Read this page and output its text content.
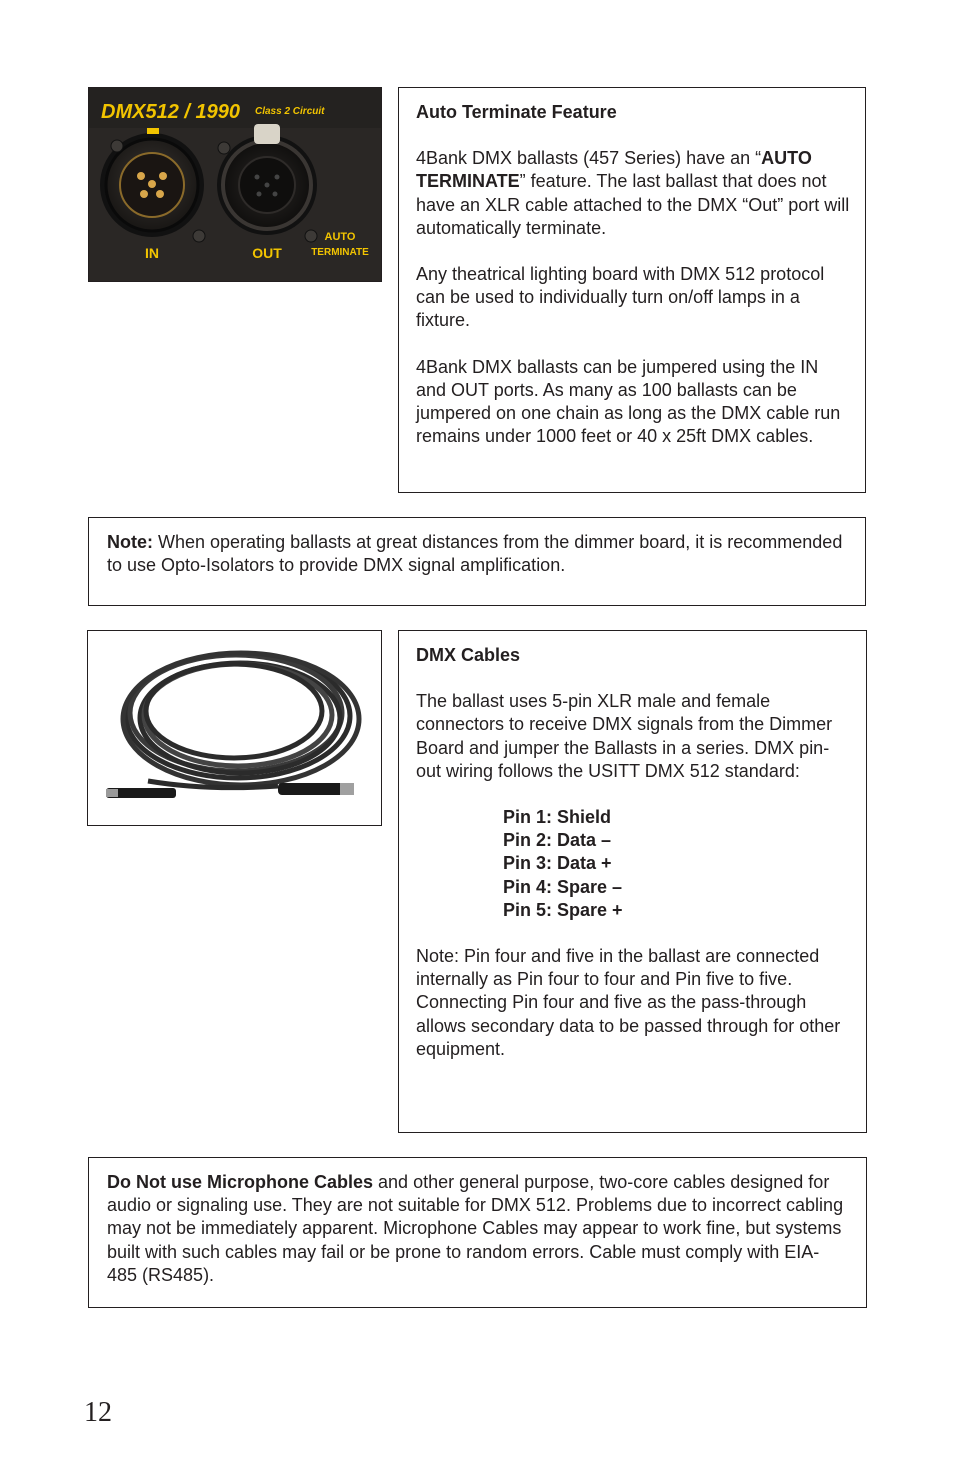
DMX512 / 1990 Class 2 Circuit
IN	OUT
AUTO
TERMINATE

Auto Terminate Feature

4Bank DMX ballasts (457 Series) have an “AUTO TERMINATE” feature. The last ballast that does not have an XLR cable attached to the DMX “Out” port will automatically terminate.

Any theatrical lighting board with DMX 512 protocol can be used to individually turn on/off lamps in a fixture.

4Bank DMX ballasts can be jumpered using the IN and OUT ports. As many as 100 ballasts can be jumpered on one chain as long as the DMX cable run remains under 1000 feet or 40 x 25ft DMX cables.

Note: When operating ballasts at great distances from the dimmer board, it is recommended to use Opto-Isolators to provide DMX signal amplification.

DMX Cables

The ballast uses 5-pin XLR male and female connectors to receive DMX signals from the Dimmer Board and jumper the Ballasts in a series. DMX pin-out wiring follows the USITT DMX 512 standard:

Pin 1: Shield
Pin 2: Data –
Pin 3: Data +
Pin 4: Spare –
Pin 5: Spare +

Note: Pin four and five in the ballast are connected internally as Pin four to four and Pin five to five. Connecting Pin four and five as the pass-through allows secondary data to be passed through for other equipment.

Do Not use Microphone Cables and other general purpose, two-core cables designed for audio or signaling use. They are not suitable for DMX 512. Problems due to incorrect cabling may not be immediately apparent. Microphone Cables may appear to work fine, but systems built with such cables may fail or be prone to random errors. Cable must comply with EIA-485 (RS485).

12
